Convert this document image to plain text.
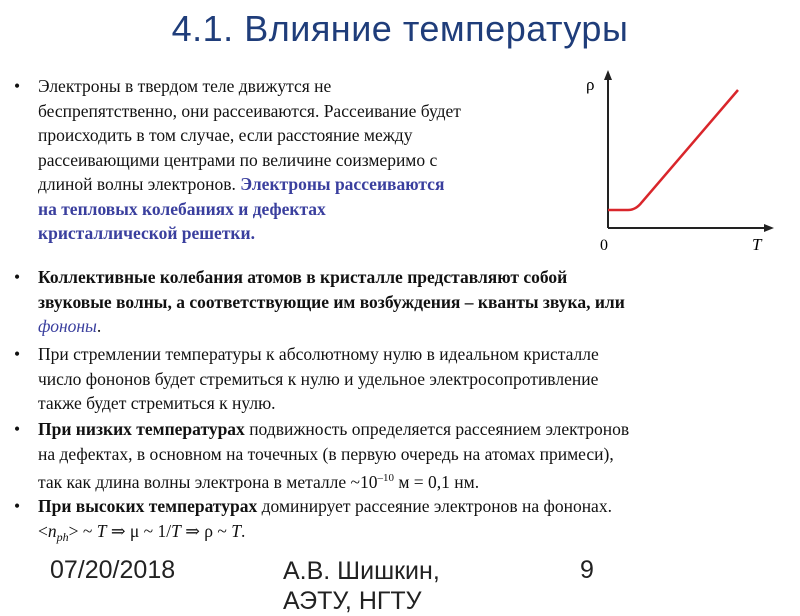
4.1. Влияние температуры
• Электроны в твердом теле движутся не
беспрепятственно, они рассеиваются. Рассеивание будет
происходить в том случае, если расстояние между
рассеивающими центрами по величине соизмеримо с
длиной волны электронов. Электроны рассеиваются
на тепловых колебаниях и дефектах
кристаллической решетки.
ρ
0	T
• Коллективные колебания атомов в кристалле представляют собой
звуковые волны, а соответствующие им возбуждения – кванты звука, или
фононы.
• При стремлении температуры к абсолютному нулю в идеальном кристалле
число фононов будет стремиться к нулю и удельное электросопротивление
также будет стремиться к нулю.
• При низких температурах подвижность определяется рассеянием электронов
на дефектах, в основном на точечных (в первую очередь на атомах примеси),
так как длина волны электрона в металле $\sim 10^{-10}$ м = 0,1 нм.
• При высоких температурах доминирует рассеяние электронов на фононах.
$<n_{ph}>$ ~ T ⇒ μ ~ 1/T ⇒ ρ ~ T.
07/20/2018	А.В. Шишкин,
АЭТУ, НГТУ
9
